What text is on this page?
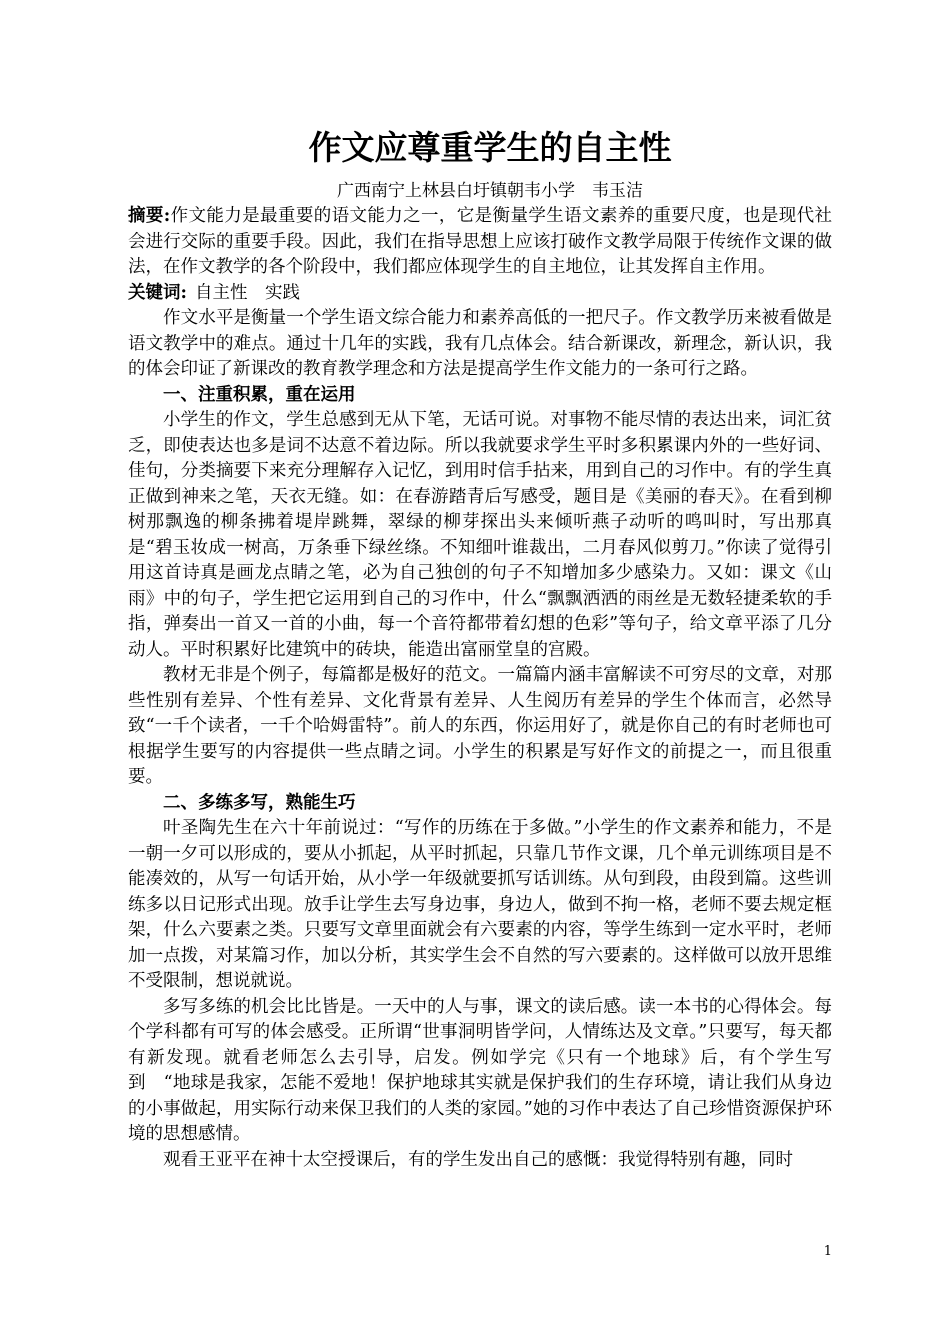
作文应尊重学生的自主性

广西南宁上林县白圩镇朝韦小学　韦玉洁

摘要:作文能力是最重要的语文能力之一，它是衡量学生语文素养的重要尺度，也是现代社会进行交际的重要手段。因此，我们在指导思想上应该打破作文教学局限于传统作文课的做法，在作文教学的各个阶段中，我们都应体现学生的自主地位，让其发挥自主作用。

关键词: 自主性　实践

作文水平是衡量一个学生语文综合能力和素养高低的一把尺子。作文教学历来被看做是语文教学中的难点。通过十几年的实践，我有几点体会。结合新课改，新理念，新认识，我的体会印证了新课改的教育教学理念和方法是提高学生作文能力的一条可行之路。

一、注重积累，重在运用

小学生的作文，学生总感到无从下笔，无话可说。对事物不能尽情的表达出来，词汇贫乏，即使表达也多是词不达意不着边际。所以我就要求学生平时多积累课内外的一些好词、佳句，分类摘要下来充分理解存入记忆，到用时信手拈来，用到自己的习作中。有的学生真正做到神来之笔，天衣无缝。如：在春游踏青后写感受，题目是《美丽的春天》。在看到柳树那飘逸的柳条拂着堤岸跳舞，翠绿的柳芽探出头来倾听燕子动听的鸣叫时，写出那真是“碧玉妆成一树高，万条垂下绿丝绦。不知细叶谁裁出，二月春风似剪刀。”你读了觉得引用这首诗真是画龙点睛之笔，必为自己独创的句子不知增加多少感染力。又如：课文《山雨》中的句子，学生把它运用到自己的习作中，什么“飘飘洒洒的雨丝是无数轻捷柔软的手指，弹奏出一首又一首的小曲，每一个音符都带着幻想的色彩”等句子，给文章平添了几分动人。平时积累好比建筑中的砖块，能造出富丽堂皇的宫殿。

教材无非是个例子，每篇都是极好的范文。一篇篇内涵丰富解读不可穷尽的文章，对那些性别有差异、个性有差异、文化背景有差异、人生阅历有差异的学生个体而言，必然导致“一千个读者，一千个哈姆雷特”。前人的东西，你运用好了，就是你自己的有时老师也可根据学生要写的内容提供一些点睛之词。小学生的积累是写好作文的前提之一，而且很重要。

二、多练多写，熟能生巧

叶圣陶先生在六十年前说过：“写作的历练在于多做。”小学生的作文素养和能力，不是一朝一夕可以形成的，要从小抓起，从平时抓起，只靠几节作文课，几个单元训练项目是不能凑效的，从写一句话开始，从小学一年级就要抓写话训练。从句到段，由段到篇。这些训练多以日记形式出现。放手让学生去写身边事，身边人，做到不拘一格，老师不要去规定框架，什么六要素之类。只要写文章里面就会有六要素的内容，等学生练到一定水平时，老师加一点拨，对某篇习作，加以分析，其实学生会不自然的写六要素的。这样做可以放开思维不受限制，想说就说。

多写多练的机会比比皆是。一天中的人与事，课文的读后感。读一本书的心得体会。每个学科都有可写的体会感受。正所谓“世事洞明皆学问，人情练达及文章。”只要写，每天都有新发现。就看老师怎么去引导，启发。例如学完《只有一个地球》后，有个学生写到　“地球是我家，怎能不爱地！保护地球其实就是保护我们的生存环境，请让我们从身边的小事做起，用实际行动来保卫我们的人类的家园。”她的习作中表达了自己珍惜资源保护环境的思想感情。

观看王亚平在神十太空授课后，有的学生发出自己的感慨：我觉得特别有趣，同时

1
